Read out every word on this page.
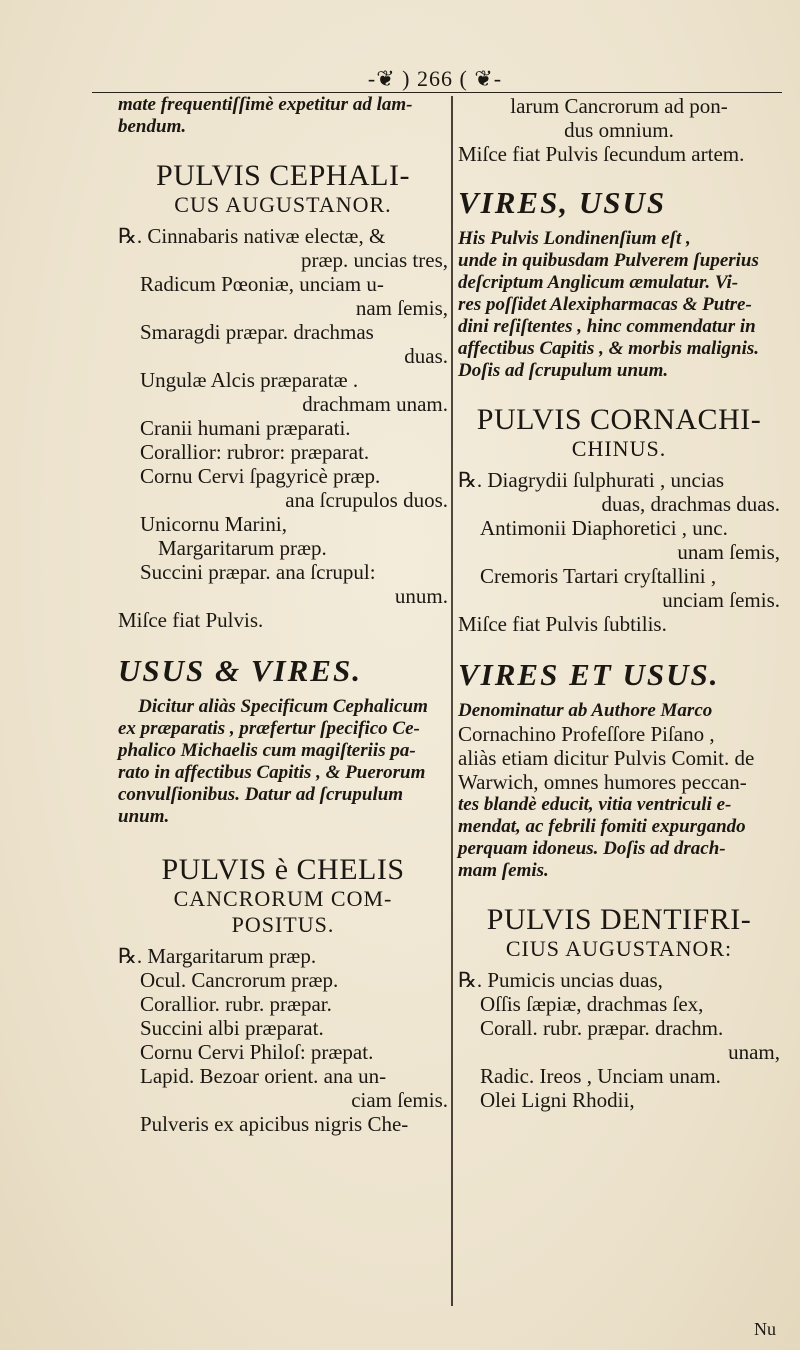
-❦ ) 266 ( ❦-
mate frequentiſſimè expetitur ad lam-
bendum.
PULVIS CEPHALI-
CUS AUGUSTANOR.
℞. Cinnabaris nativæ electæ, &
præp. uncias tres,
Radicum Pœoniæ, unciam u-
nam ſemis,
Smaragdi præpar. drachmas
duas.
Ungulæ Alcis præparatæ .
drachmam unam.
Cranii humani præparati.
Corallior: rubror: præparat.
Cornu Cervi ſpagyricè præp.
ana ſcrupulos duos.
Unicornu Marini,
Margaritarum præp.
Succini præpar. ana ſcrupul:
unum.
Miſce fiat Pulvis.
USUS & VIRES.
Dicitur aliàs Specificum Cephalicum
ex præparatis , præfertur ſpecifico Ce-
phalico Michaelis cum magiſteriis pa-
rato in affectibus Capitis , & Puerorum
convulſionibus. Datur ad ſcrupulum
unum.
PULVIS è CHELIS
CANCRORUM COM-
POSITUS.
℞. Margaritarum præp.
Ocul. Cancrorum præp.
Corallior. rubr. præpar.
Succini albi præparat.
Cornu Cervi Philoſ: præpat.
Lapid. Bezoar orient. ana un-
ciam ſemis.
Pulveris ex apicibus nigris Che-
larum Cancrorum ad pon-
dus omnium.
Miſce fiat Pulvis ſecundum artem.
VIRES, USUS
His Pulvis Londinenſium eſt ,
unde in quibusdam Pulverem ſuperius
deſcriptum Anglicum æmulatur. Vi-
res poſſidet Alexipharmacas & Putre-
dini reſiſtentes , hinc commendatur in
affectibus Capitis , & morbis malignis.
Doſis ad ſcrupulum unum.
PULVIS CORNACHI-
CHINUS.
℞. Diagrydii ſulphurati , uncias
duas, drachmas duas.
Antimonii Diaphoretici , unc.
unam ſemis,
Cremoris Tartari cryſtallini ,
unciam ſemis.
Miſce fiat Pulvis ſubtilis.
VIRES ET USUS.
Denominatur ab Authore Marco
Cornachino Profeſſore Piſano ,
aliàs etiam dicitur Pulvis Comit. de
Warwich, omnes humores peccan-
tes blandè educit, vitia ventriculi e-
mendat, ac febrili fomiti expurgando
perquam idoneus. Doſis ad drach-
mam ſemis.
PULVIS DENTIFRI-
CIUS AUGUSTANOR:
℞. Pumicis uncias duas,
Oſſis ſæpiæ, drachmas ſex,
Corall. rubr. præpar. drachm.
unam,
Radic. Ireos , Unciam unam.
Olei Ligni Rhodii,
Nu
